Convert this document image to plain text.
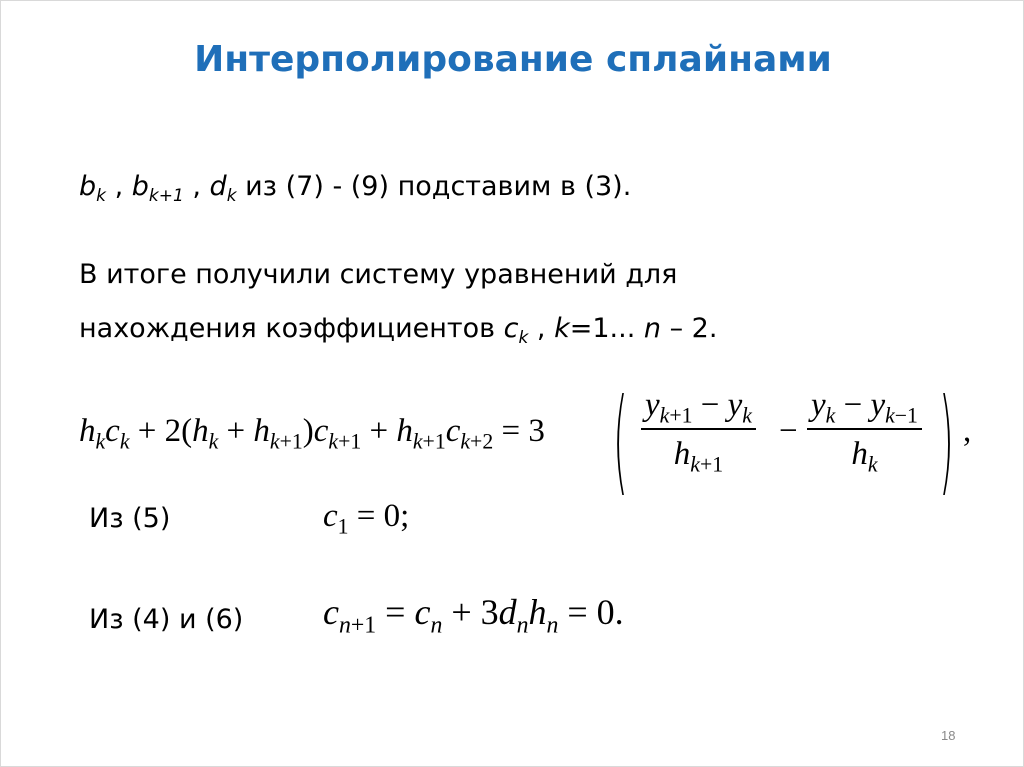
Интерполирование сплайнами
$b_k$ , $b_{k+1}$ , $d_k$ из (7) - (9) подставим в (3).
В итоге получили систему уравнений для
нахождения коэффициентов $c_k$ , k=1... n – 2.
$h_kc_k + 2(h_k + h_{k+1})c_{k+1} + h_{k+1}c_{k+2} = 3$ ( $y_{k+1} - y_k$
$h_{k+1}$
−
$y_k - y_{k-1}$
$h_k$	) ,
Из (5)	$c_1 = 0$;
Из (4) и (6) $c_{n+1} = c_n + 3d_nh_n = 0$.
18
